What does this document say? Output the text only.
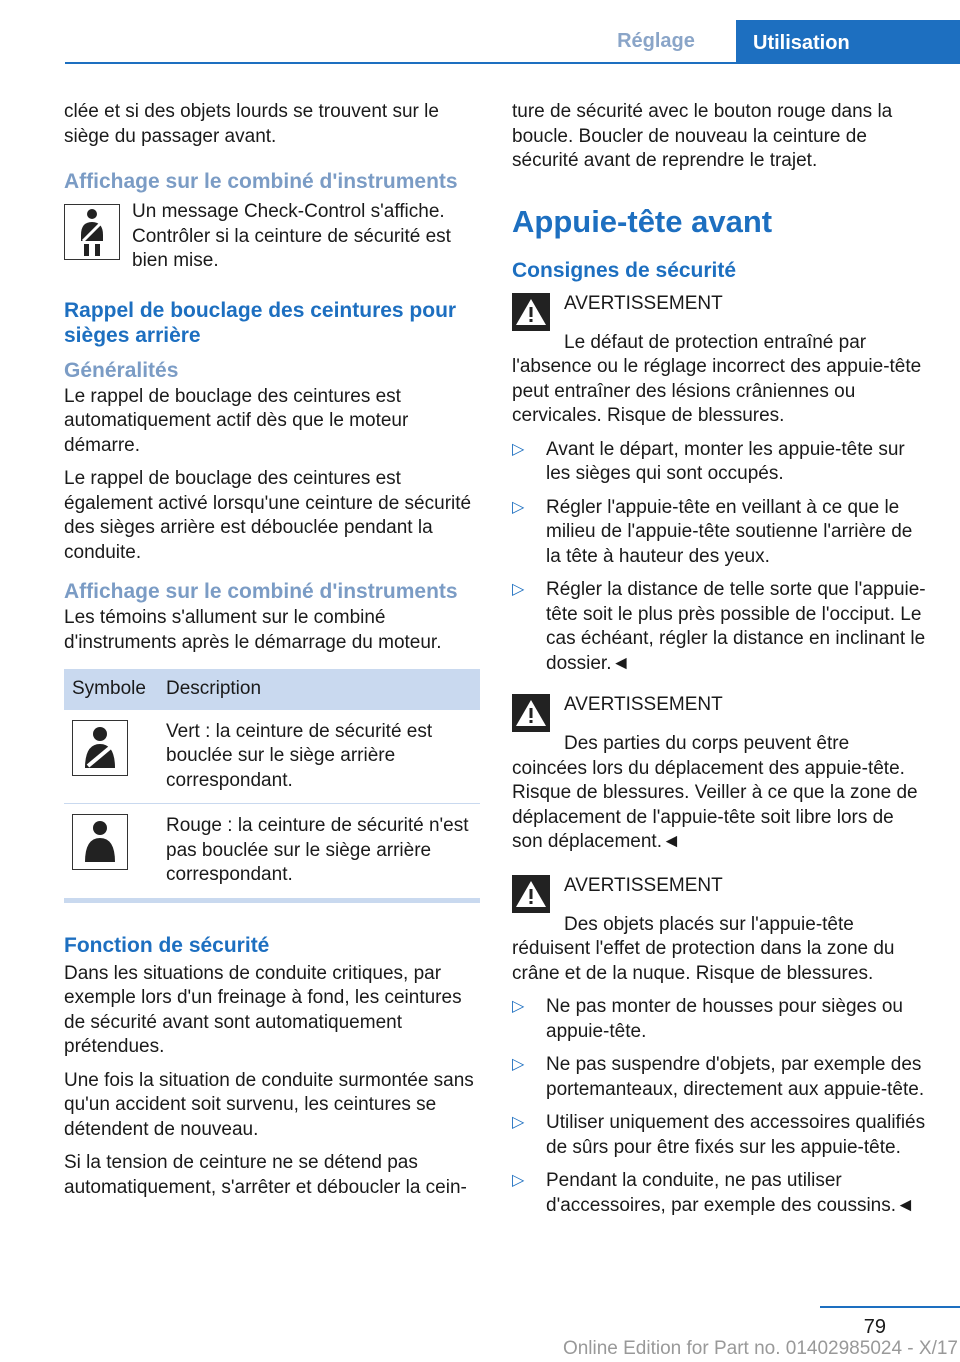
Réglage	Utilisation

clée et si des objets lourds se trouvent sur le siège du passager avant.

Affichage sur le combiné d'instruments
Un message Check-Control s'affiche. Contrôler si la ceinture de sécurité est bien mise.
Rappel de bouclage des ceintures pour sièges arrière
Généralités

Le rappel de bouclage des ceintures est automatiquement actif dès que le moteur démarre.

Le rappel de bouclage des ceintures est également activé lorsqu'une ceinture de sécurité des sièges arrière est débouclée pendant la conduite.

Affichage sur le combiné d'instruments

Les témoins s'allument sur le combiné d'instruments après le démarrage du moteur.

Symbole	Description

	Vert : la ceinture de sécurité est bouclée sur le siège arrière correspondant.

	Rouge : la ceinture de sécurité n'est pas bouclée sur le siège arrière correspondant.
Fonction de sécurité

Dans les situations de conduite critiques, par exemple lors d'un freinage à fond, les ceintures de sécurité avant sont automatiquement prétendues.

Une fois la situation de conduite surmontée sans qu'un accident soit survenu, les ceintures se détendent de nouveau.

Si la tension de ceinture ne se détend pas automatiquement, s'arrêter et déboucler la cein-

ture de sécurité avec le bouton rouge dans la boucle. Boucler de nouveau la ceinture de sécurité avant de reprendre le trajet.

Appuie-tête avant
Consignes de sécurité
AVERTISSEMENT

Le défaut de protection entraîné par l'absence ou le réglage incorrect des appuie-tête peut entraîner des lésions crâniennes ou cervicales. Risque de blessures.

▷ Avant le départ, monter les appuie-tête sur les sièges qui sont occupés.
▷ Régler l'appuie-tête en veillant à ce que le milieu de l'appuie-tête soutienne l'arrière de la tête à hauteur des yeux.
▷ Régler la distance de telle sorte que l'appuie-tête soit le plus près possible de l'occiput. Le cas échéant, régler la distance en inclinant le dossier.◄
AVERTISSEMENT

Des parties du corps peuvent être coincées lors du déplacement des appuie-tête. Risque de blessures. Veiller à ce que la zone de déplacement de l'appuie-tête soit libre lors de son déplacement.◄

AVERTISSEMENT

Des objets placés sur l'appuie-tête réduisent l'effet de protection dans la zone du crâne et de la nuque. Risque de blessures.

▷ Ne pas monter de housses pour sièges ou appuie-tête.
▷ Ne pas suspendre d'objets, par exemple des portemanteaux, directement aux appuie-tête.
▷ Utiliser uniquement des accessoires qualifiés de sûrs pour être fixés sur les appuie-tête.
▷ Pendant la conduite, ne pas utiliser d'accessoires, par exemple des coussins.◄
79
Online Edition for Part no. 01402985024 - X/17
